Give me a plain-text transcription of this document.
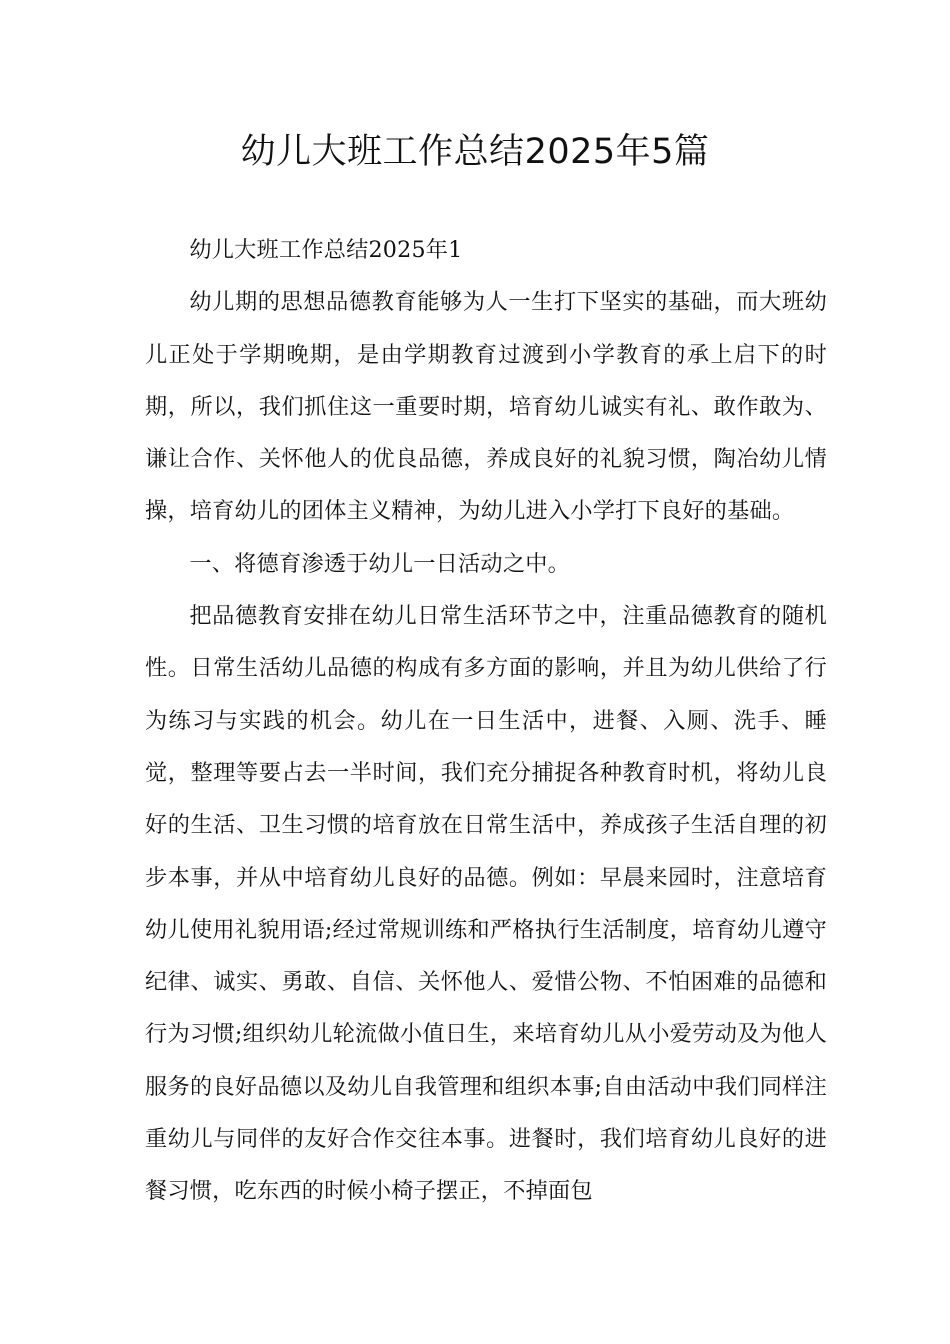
幼儿大班工作总结2025年5篇

幼儿大班工作总结2025年1

幼儿期的思想品德教育能够为人一生打下坚实的基础，而大班幼儿正处于学期晚期，是由学期教育过渡到小学教育的承上启下的时期，所以，我们抓住这一重要时期，培育幼儿诚实有礼、敢作敢为、谦让合作、关怀他人的优良品德，养成良好的礼貌习惯，陶冶幼儿情操，培育幼儿的团体主义精神，为幼儿进入小学打下良好的基础。

一、将德育渗透于幼儿一日活动之中。

把品德教育安排在幼儿日常生活环节之中，注重品德教育的随机性。日常生活幼儿品德的构成有多方面的影响，并且为幼儿供给了行为练习与实践的机会。幼儿在一日生活中，进餐、入厕、洗手、睡觉，整理等要占去一半时间，我们充分捕捉各种教育时机，将幼儿良好的生活、卫生习惯的培育放在日常生活中，养成孩子生活自理的初步本事，并从中培育幼儿良好的品德。例如：早晨来园时，注意培育幼儿使用礼貌用语;经过常规训练和严格执行生活制度，培育幼儿遵守纪律、诚实、勇敢、自信、关怀他人、爱惜公物、不怕困难的品德和行为习惯;组织幼儿轮流做小值日生，来培育幼儿从小爱劳动及为他人服务的良好品德以及幼儿自我管理和组织本事;自由活动中我们同样注重幼儿与同伴的友好合作交往本事。进餐时，我们培育幼儿良好的进餐习惯，吃东西的时候小椅子摆正，不掉面包
